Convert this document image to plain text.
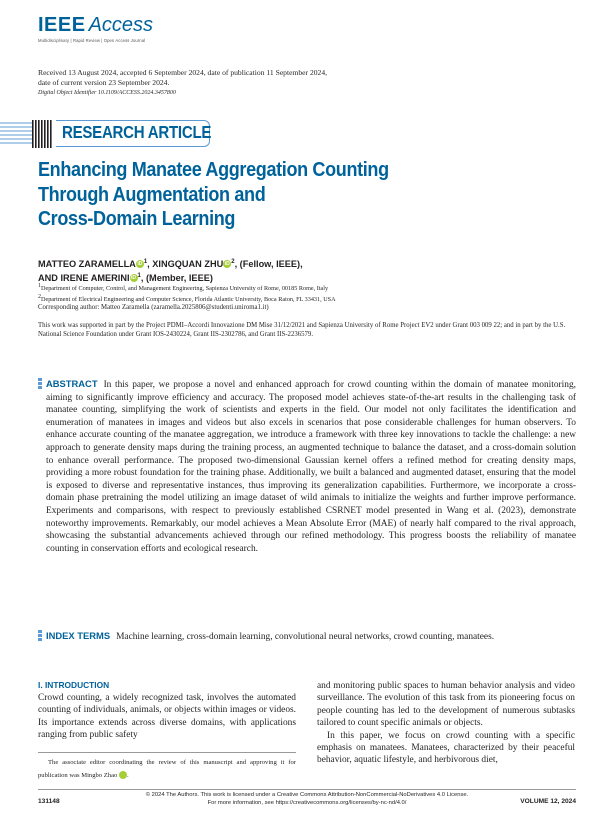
IEEE Access
Multidisciplinary | Rapid Review | Open Access Journal
Received 13 August 2024, accepted 6 September 2024, date of publication 11 September 2024,
date of current version 23 September 2024.
Digital Object Identifier 10.1109/ACCESS.2024.3457800
RESEARCH ARTICLE
Enhancing Manatee Aggregation Counting
Through Augmentation and
Cross-Domain Learning
MATTEO ZARAMELLA iD $^1$, XINGQUAN ZHU iD $^2$, (Fellow, IEEE),
AND IRENE AMERINI iD $^1$, (Member, IEEE)
$^1$Department of Computer, Control, and Management Engineering, Sapienza University of Rome, 00185 Rome, Italy
$^2$Department of Electrical Engineering and Computer Science, Florida Atlantic University, Boca Raton, FL 33431, USA
Corresponding author: Matteo Zaramella (zaramella.2025806@studenti.uniroma1.it)
This work was supported in part by the Project PDMI–Accordi Innovazione DM Mise 31/12/2021 and Sapienza University of Rome Project EV2 under Grant 003 009 22; and in part by the U.S. National Science Foundation under Grant IOS-2430224, Grant IIS-2302786, and Grant IIS-2236579.
ABSTRACT In this paper, we propose a novel and enhanced approach for crowd counting within the domain of manatee monitoring, aiming to significantly improve efficiency and accuracy. The proposed model achieves state-of-the-art results in the challenging task of manatee counting, simplifying the work of scientists and experts in the field. Our model not only facilitates the identification and enumeration of manatees in images and videos but also excels in scenarios that pose considerable challenges for human observers. To enhance accurate counting of the manatee aggregation, we introduce a framework with three key innovations to tackle the challenge: a new approach to generate density maps during the training process, an augmented technique to balance the dataset, and a cross-domain solution to enhance overall performance. The proposed two-dimensional Gaussian kernel offers a refined method for creating density maps, providing a more robust foundation for the training phase. Additionally, we built a balanced and augmented dataset, ensuring that the model is exposed to diverse and representative instances, thus improving its generalization capabilities. Furthermore, we incorporate a cross-domain phase pretraining the model utilizing an image dataset of wild animals to initialize the weights and further improve performance. Experiments and comparisons, with respect to previously established CSRNET model presented in Wang et al. (2023), demonstrate noteworthy improvements. Remarkably, our model achieves a Mean Absolute Error (MAE) of nearly half compared to the rival approach, showcasing the substantial advancements achieved through our refined methodology. This progress boosts the reliability of manatee counting in conservation efforts and ecological research.
INDEX TERMS Machine learning, cross-domain learning, convolutional neural networks, crowd counting, manatees.
I. INTRODUCTION
Crowd counting, a widely recognized task, involves the automated counting of individuals, animals, or objects within images or videos. Its importance extends across diverse domains, with applications ranging from public safety

and monitoring public spaces to human behavior analysis and video surveillance. The evolution of this task from its pioneering focus on people counting has led to the development of numerous subtasks tailored to count specific animals or objects.

In this paper, we focus on crowd counting with a specific emphasis on manatees. Manatees, characterized by their peaceful behavior, aquatic lifestyle, and herbivorous diet,

The associate editor coordinating the review of this manuscript and approving it for publication was Mingbo Zhao iD.
© 2024 The Authors. This work is licensed under a Creative Commons Attribution-NonCommercial-NoDerivatives 4.0 License.
For more information, see https://creativecommons.org/licenses/by-nc-nd/4.0/
131148	VOLUME 12, 2024
